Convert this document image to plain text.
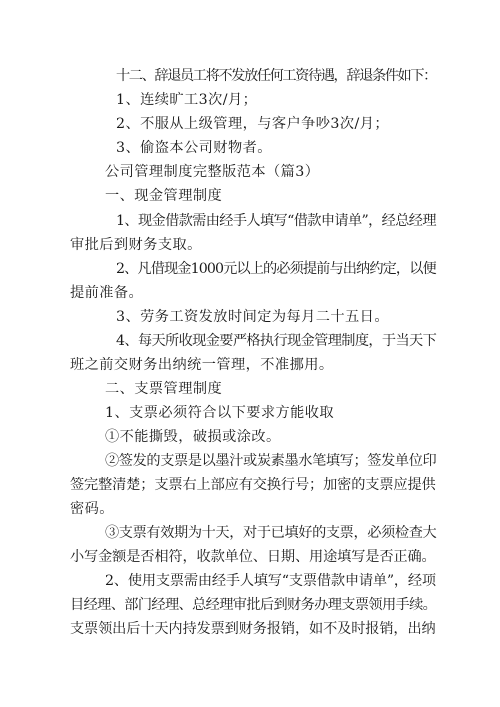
十二、辞退员工将不发放任何工资待遇，辞退条件如下：
1、连续旷工3次/月；
2、不服从上级管理，与客户争吵3次/月；
3、偷盗本公司财物者。
公司管理制度完整版范本（篇3）
一、现金管理制度
1、现金借款需由经手人填写“借款申请单”，经总经理
审批后到财务支取。
2、凡借现金1000元以上的必须提前与出纳约定，以便
提前准备。
3、劳务工资发放时间定为每月二十五日。
4、每天所收现金要严格执行现金管理制度，于当天下
班之前交财务出纳统一管理，不准挪用。
二、支票管理制度
1、支票必须符合以下要求方能收取
①不能撕毁，破损或涂改。
②签发的支票是以墨汁或炭素墨水笔填写；签发单位印
签完整清楚；支票右上部应有交换行号；加密的支票应提供
密码。
③支票有效期为十天，对于已填好的支票，必须检查大
小写金额是否相符，收款单位、日期、用途填写是否正确。
2、使用支票需由经手人填写“支票借款申请单”，经项
目经理、部门经理、总经理审批后到财务办理支票领用手续。
支票领出后十天内持发票到财务报销，如不及时报销，出纳
